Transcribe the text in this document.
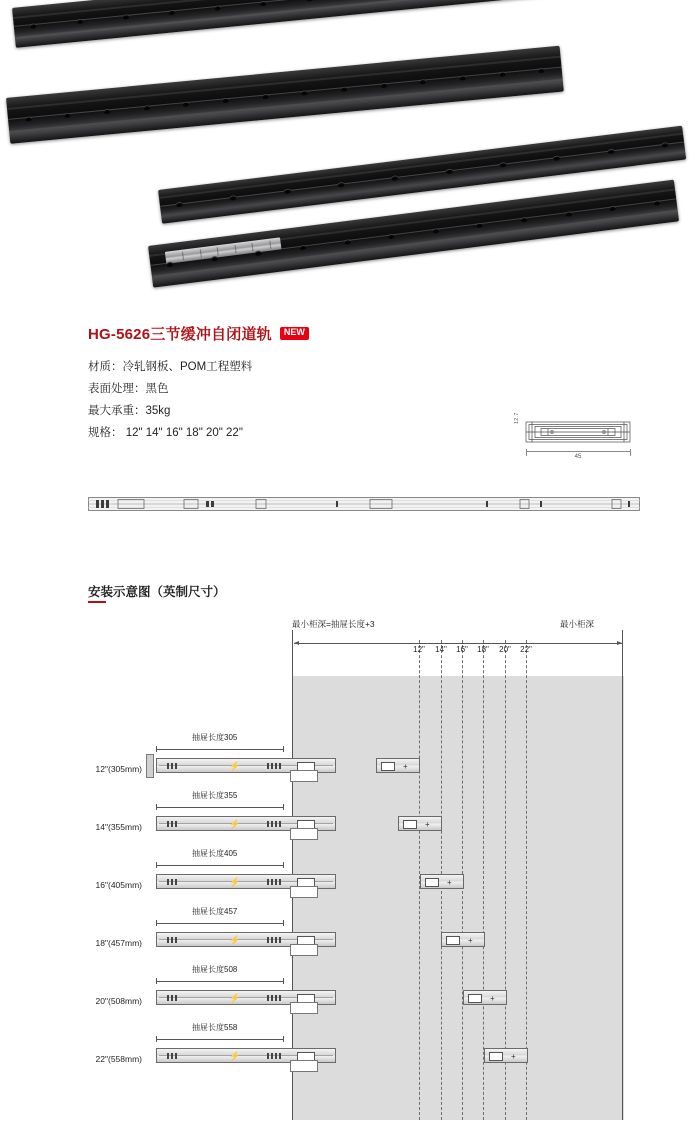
HG-5626三节缓冲自闭道轨	NEW
材质：冷轧钢板、POM工程塑料
表面处理：黑色
最大承重：35kg
规格： 12" 14" 16" 18" 20" 22"
12.7
45
安装示意图（英制尺寸）
最小柜深=抽屉长度+3	最小柜深
12" 14" 16" 18" 20" 22"
12"(305mm)
抽屉长度305
⚡	+
14"(355mm)
抽屉长度355
⚡	+
16"(405mm)
抽屉长度405
⚡	+
18"(457mm)
抽屉长度457
⚡	+
20"(508mm)
抽屉长度508
⚡	+
22"(558mm)
抽屉长度558
⚡	+
